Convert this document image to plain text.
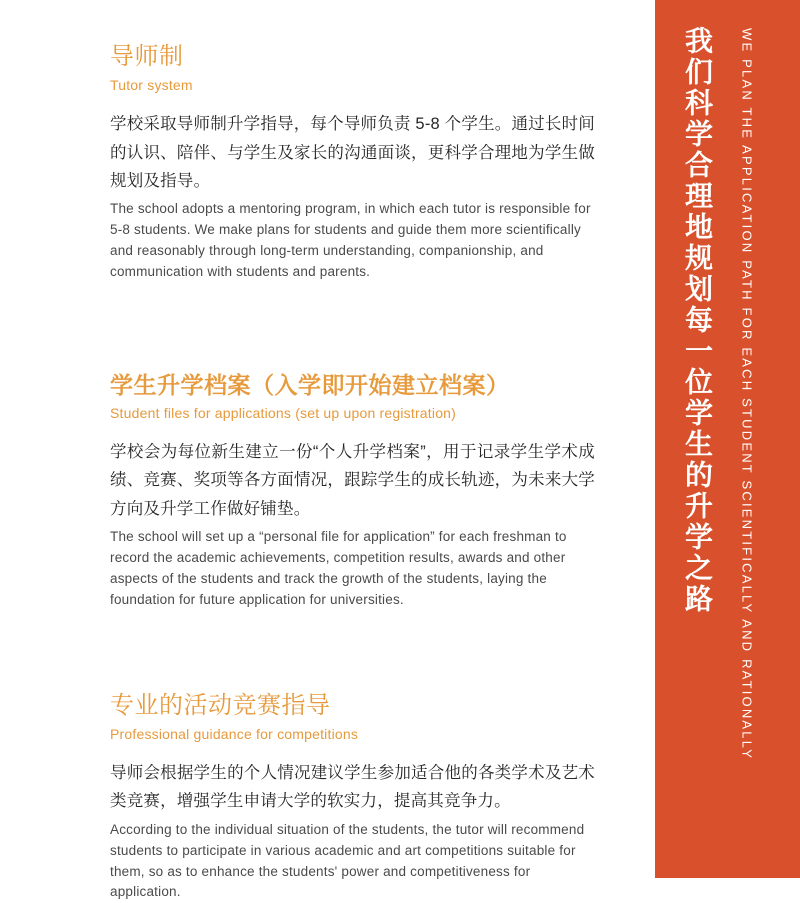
导师制
Tutor system

学校采取导师制升学指导，每个导师负责 5-8 个学生。通过长时间的认识、陪伴、与学生及家长的沟通面谈，更科学合理地为学生做规划及指导。

The school adopts a mentoring program, in which each tutor is responsible for 5-8 students. We make plans for students and guide them more scientifically and reasonably through long-term understanding, companionship, and communication with students and parents.

学生升学档案（入学即开始建立档案）
Student files for applications (set up upon registration)

学校会为每位新生建立一份“个人升学档案”，用于记录学生学术成绩、竞赛、奖项等各方面情况，跟踪学生的成长轨迹，为未来大学方向及升学工作做好铺垫。

The school will set up a “personal file for application” for each freshman to record the academic achievements, competition results, awards and other aspects of the students and track the growth of the students, laying the foundation for future application for universities.

专业的活动竞赛指导
Professional guidance for competitions

导师会根据学生的个人情况建议学生参加适合他的各类学术及艺术类竞赛，增强学生申请大学的软实力，提高其竞争力。

According to the individual situation of the students, the tutor will recommend students to participate in various academic and art competitions suitable for them, so as to enhance the students' power and competitiveness for application.

我们科学合理地规划每一位学生的升学之路 WE PLAN THE APPLICATION PATH FOR EACH STUDENT SCIENTIFICALLY AND RATIONALLY
